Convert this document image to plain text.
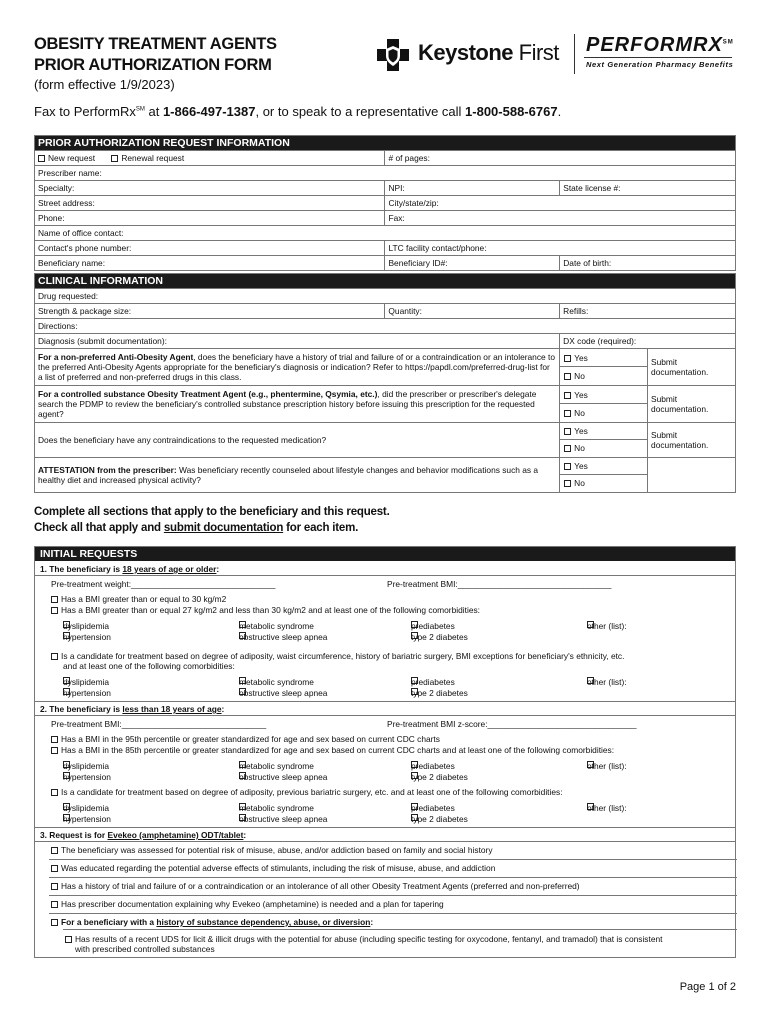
OBESITY TREATMENT AGENTS
PRIOR AUTHORIZATION FORM
(form effective 1/9/2023)
Keystone First PERFORMRX℠
Next Generation Pharmacy Benefits
Fax to PerformRx℠ at 1-866-497-1387, or to speak to a representative call 1-800-588-6767.
PRIOR AUTHORIZATION REQUEST INFORMATION		
New request Renewal request	# of pages:	
Prescriber name:		
Specialty:	NPI:	State license #:
Street address:	City/state/zip:	
Phone:	Fax:	
Name of office contact:		
Contact's phone number:	LTC facility contact/phone:	
Beneficiary name:	Beneficiary ID#:	Date of birth:
CLINICAL INFORMATION			
Drug requested:			
Strength & package size:	Quantity:	Refills:	
Directions:			
Diagnosis (submit documentation):		DX code (required):	
For a non-preferred Anti-Obesity Agent, does the beneficiary have a history of trial and failure of or a contraindication or an intolerance to the preferred Anti-Obesity Agents appropriate for the beneficiary's diagnosis or indication? Refer to https://papdl.com/preferred-drug-list for a list of preferred and non-preferred drugs in this class.		Yes
No	Submit documentation.
For a controlled substance Obesity Treatment Agent (e.g., phentermine, Qsymia, etc.), did the prescriber or prescriber's delegate search the PDMP to review the beneficiary's controlled substance prescription history before issuing this prescription for the requested agent?		Yes
No	Submit documentation.
Does the beneficiary have any contraindications to the requested medication?		Yes
No	Submit documentation.
ATTESTATION from the prescriber: Was beneficiary recently counseled about lifestyle changes and behavior modifications such as a healthy diet and increased physical activity?		Yes
No	

Complete all sections that apply to the beneficiary and this request.
Check all that apply and submit documentation for each item.
INITIAL REQUESTS
1. The beneficiary is 18 years of age or older:
Pre-treatment weight:_______________________________	Pre-treatment BMI:_________________________________
Has a BMI greater than or equal to 30 kg/m2
Has a BMI greater than or equal 27 kg/m2 and less than 30 kg/m2 and at least one of the following comorbidities:
dyslipidemia	metabolic syndrome	prediabetes	other (list):
hypertension	obstructive sleep apnea	type 2 diabetes
Is a candidate for treatment based on degree of adiposity, waist circumference, history of bariatric surgery, BMI exceptions for beneficiary's ethnicity, etc.
and at least one of the following comorbidities:
dyslipidemia	metabolic syndrome	prediabetes	other (list):
hypertension	obstructive sleep apnea	type 2 diabetes
2. The beneficiary is less than 18 years of age:
Pre-treatment BMI:_______________________________	Pre-treatment BMI z-score:________________________________
Has a BMI in the 95th percentile or greater standardized for age and sex based on current CDC charts
Has a BMI in the 85th percentile or greater standardized for age and sex based on current CDC charts and at least one of the following comorbidities:
dyslipidemia	metabolic syndrome	prediabetes	other (list):
hypertension	obstructive sleep apnea	type 2 diabetes
Is a candidate for treatment based on degree of adiposity, previous bariatric surgery, etc. and at least one of the following comorbidities:
dyslipidemia	metabolic syndrome	prediabetes	other (list):
hypertension	obstructive sleep apnea	type 2 diabetes
3. Request is for Evekeo (amphetamine) ODT/tablet:
The beneficiary was assessed for potential risk of misuse, abuse, and/or addiction based on family and social history
Was educated regarding the potential adverse effects of stimulants, including the risk of misuse, abuse, and addiction
Has a history of trial and failure of or a contraindication or an intolerance of all other Obesity Treatment Agents (preferred and non-preferred)
Has prescriber documentation explaining why Evekeo (amphetamine) is needed and a plan for tapering
For a beneficiary with a history of substance dependency, abuse, or diversion:
Has results of a recent UDS for licit & illicit drugs with the potential for abuse (including specific testing for oxycodone, fentanyl, and tramadol) that is consistent
with prescribed controlled substances
Page 1 of 2
